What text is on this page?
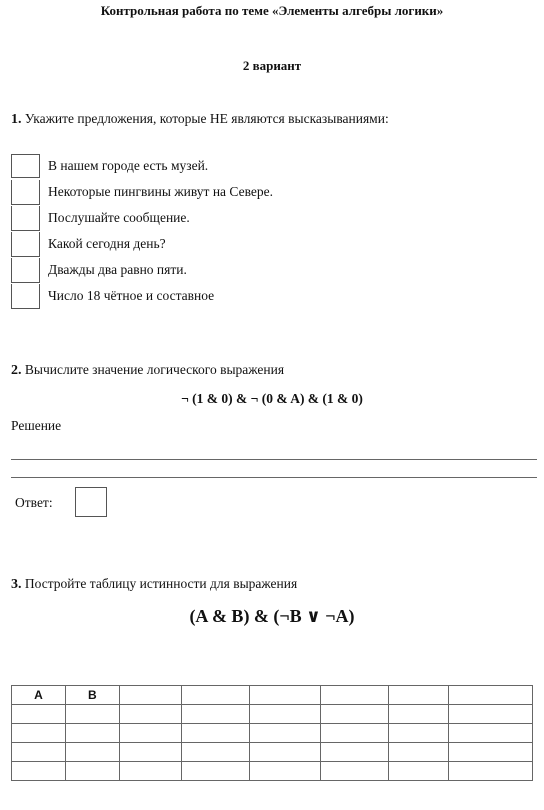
Контрольная работа по теме «Элементы алгебры логики»
2 вариант
1. Укажите предложения, которые НЕ являются высказываниями:
В нашем городе есть музей.
Некоторые пингвины живут на Севере.
Послушайте сообщение.
Какой сегодня день?
Дважды два равно пяти.
Число 18 чётное и составное
2. Вычислите значение логического выражения
¬ (1 & 0) & ¬ (0 & A) & (1 & 0)
Решение
Ответ:
3. Постройте таблицу истинности для выражения
(A & B) & (¬B ∨ ¬A)
A	B						
